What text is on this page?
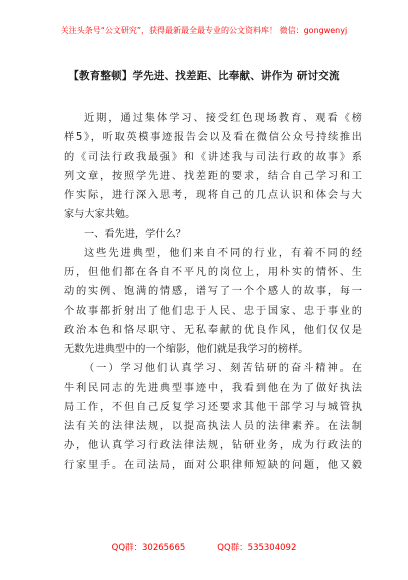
关注头条号“公文研究”，获得最新最全最专业的公文资料库！ 微信：gongwenyj
【教育整顿】学先进、找差距、比奉献、讲作为 研讨交流
近期，通过集体学习、接受红色现场教育、观看《榜
样5》，听取英模事迹报告会以及看在微信公众号持续推出
的《司法行政我最强》和《讲述我与司法行政的故事》系
列文章，按照学先进、找差距的要求，结合自己学习和工
作实际，进行深入思考，现将自己的几点认识和体会与大
家与大家共勉。
一、看先进，学什么？
这些先进典型，他们来自不同的行业，有着不同的经
历，但他们都在各自不平凡的岗位上，用朴实的情怀、生
动的实例、饱满的情感，谱写了一个个感人的故事，每一
个故事都折射出了他们忠于人民、忠于国家、忠于事业的
政治本色和恪尽职守、无私奉献的优良作风，他们仅仅是
无数先进典型中的一个缩影，他们就是我学习的榜样。
（一）学习他们认真学习、刻苦钻研的奋斗精神。在
牛利民同志的先进典型事迹中，我看到他在为了做好执法
局工作，不但自己反复学习还要求其他干部学习与城管执
法有关的法律法规，以提高执法人员的法律素养。在法制
办，他认真学习行政法律法规，钻研业务，成为行政法的
行家里手。在司法局，面对公职律师短缺的问题，他又毅
QQ群：30265665	QQ群：535304092
